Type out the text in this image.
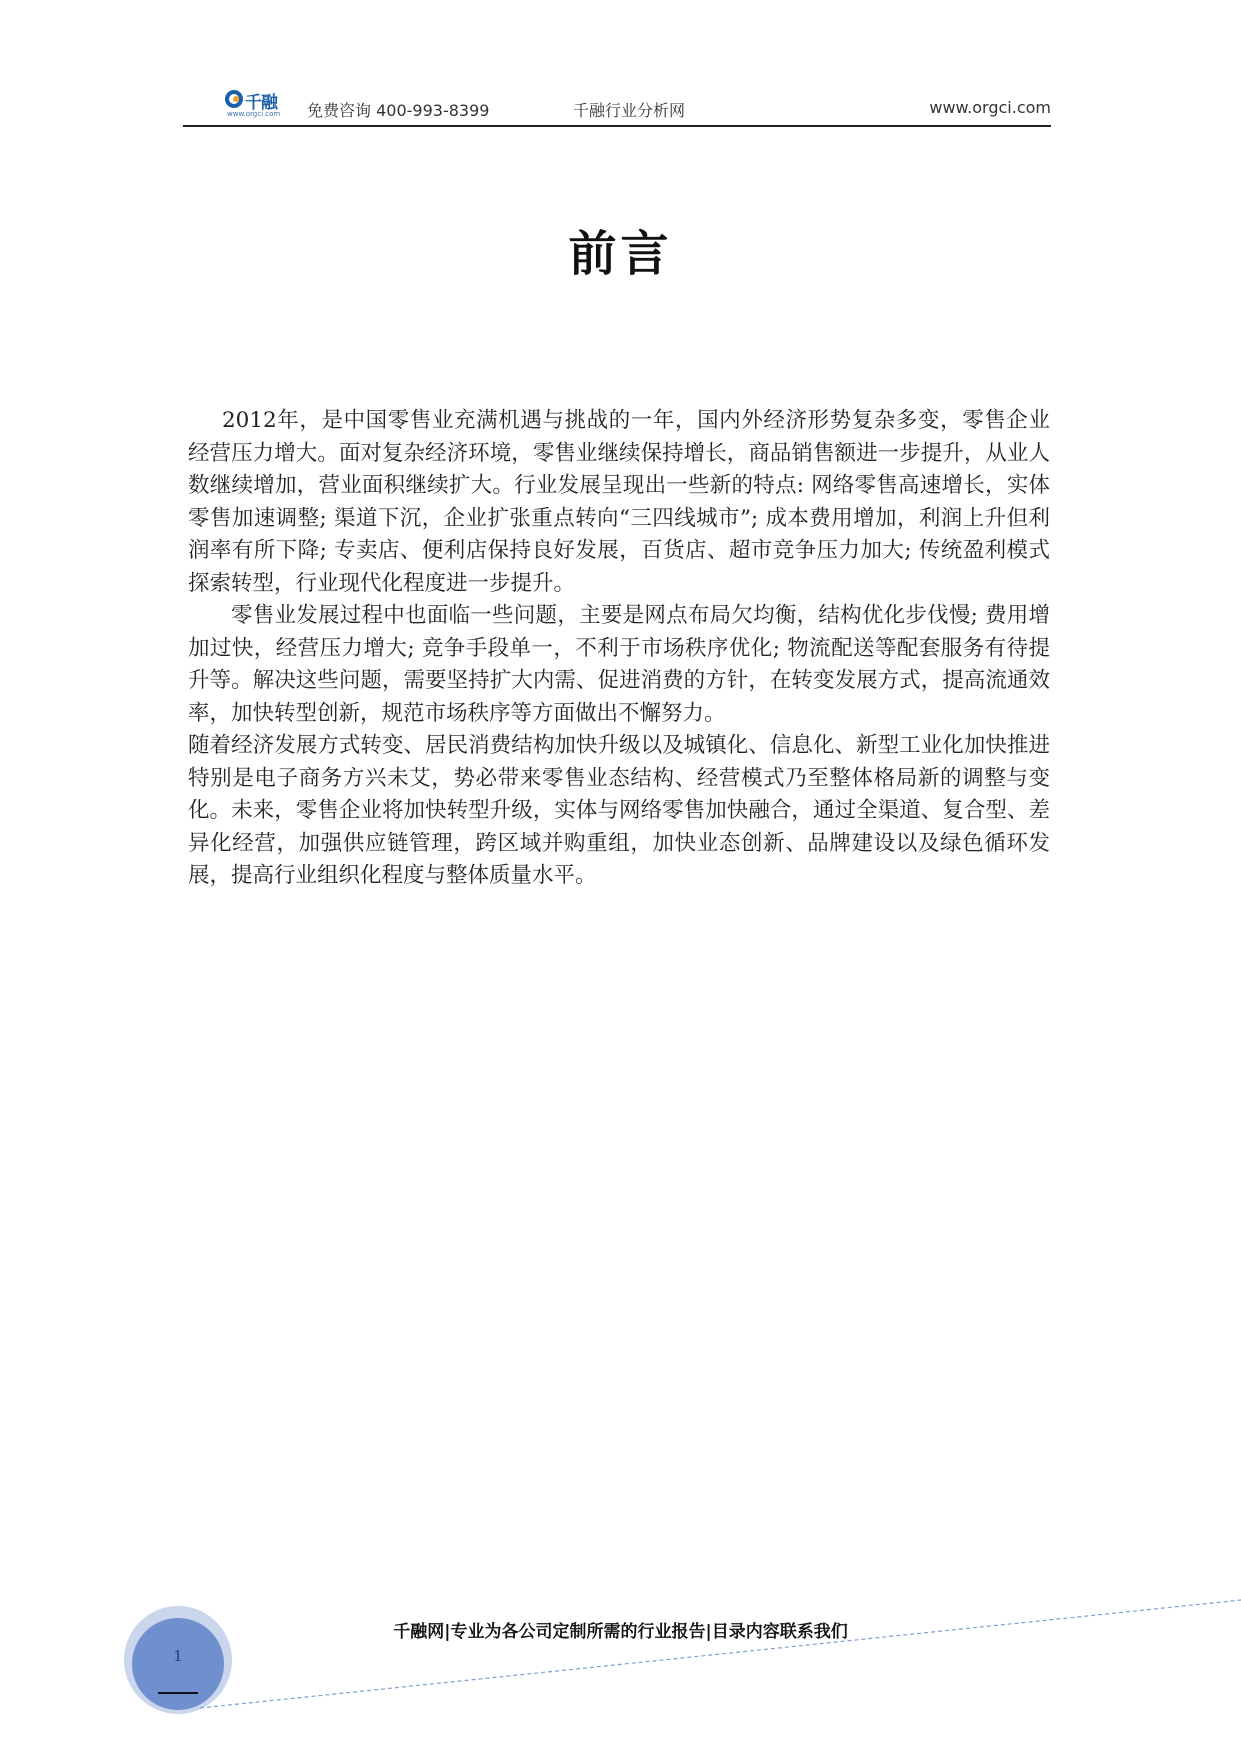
千融
www.orgci.com 免费咨询 400-993-8399	千融行业分析网	www.orgci.com
前言

2012年，是中国零售业充满机遇与挑战的一年，国内外经济形势复杂多变，零售企业经营压力增大。面对复杂经济环境，零售业继续保持增长，商品销售额进一步提升，从业人数继续增加，营业面积继续扩大。行业发展呈现出一些新的特点: 网络零售高速增长，实体零售加速调整; 渠道下沉，企业扩张重点转向“三四线城市”; 成本费用增加，利润上升但利润率有所下降; 专卖店、便利店保持良好发展，百货店、超市竞争压力加大; 传统盈利模式探索转型，行业现代化程度进一步提升。

零售业发展过程中也面临一些问题，主要是网点布局欠均衡，结构优化步伐慢; 费用增加过快，经营压力增大; 竞争手段单一，不利于市场秩序优化; 物流配送等配套服务有待提升等。解决这些问题，需要坚持扩大内需、促进消费的方针，在转变发展方式，提高流通效率，加快转型创新，规范市场秩序等方面做出不懈努力。

随着经济发展方式转变、居民消费结构加快升级以及城镇化、信息化、新型工业化加快推进特别是电子商务方兴未艾，势必带来零售业态结构、经营模式乃至整体格局新的调整与变化。未来，零售企业将加快转型升级，实体与网络零售加快融合，通过全渠道、复合型、差异化经营，加强供应链管理，跨区域并购重组，加快业态创新、品牌建设以及绿色循环发展，提高行业组织化程度与整体质量水平。

千融网|专业为各公司定制所需的行业报告|目录内容联系我们
1
